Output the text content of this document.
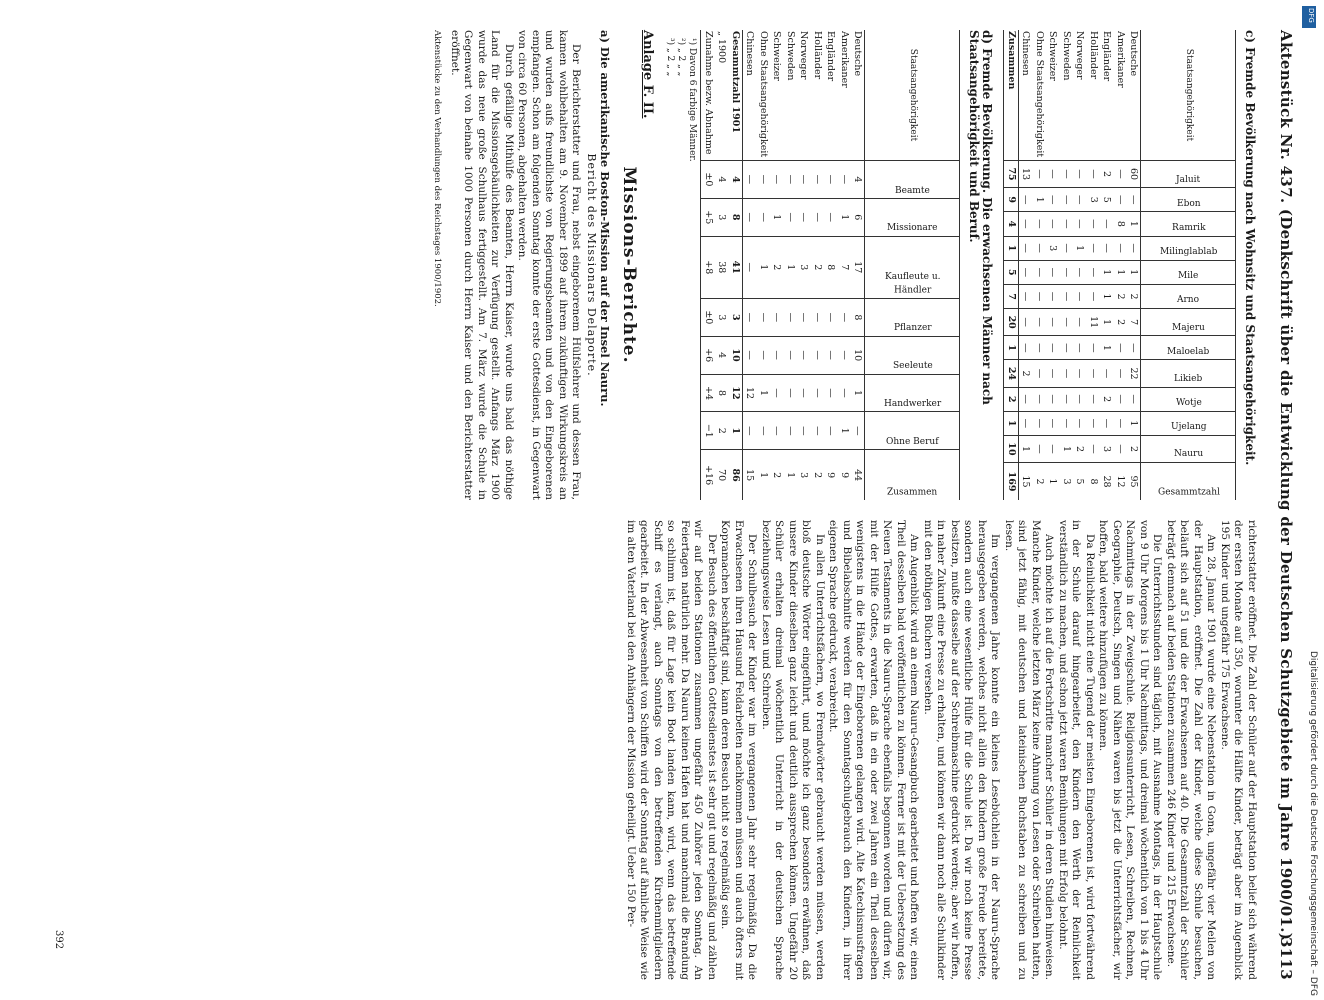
Aktenstück Nr. 437. (Denkschrift über die Entwicklung der Deutschen Schutzgebiete im Jahre 1900/01.)
3113
c) Fremde Bevölkerung nach Wohnsitz und Staatsangehörigkeit.
Staatsangehörigkeit	Jaluit	Ebon	Ramrik	Milinglablab	Mile	Arno	Majeru	Maloelab	Likieb	Wotje	Ujelang	Nauru	Gesammtzahl
Deutsche	60	—	1	—	1	2	7	—	22	—	1	2	95
Amerikaner	—	—	8	—	1	2	2	—	—	—	—	—	12
Engländer	2	5	—	—	1	1	1	1	—	2	—	3	28
Holländer	—	3	—	—	—	—	11	—	—	—	—	—	8
Norweger	—	—	—	1	—	—	—	—	—	—	—	2	5
Schweden	—	—	—	—	—	—	—	—	—	—	—	1	3
Schweizer	—	—	—	3	—	—	—	—	—	—	—	—	1
Ohne Staatsangehörigkeit	—	1	—	—	—	—	—	—	—	—	—	—	2
Chinesen	13	—	—	—	—	—	—	—	2	—	—	1	15
Zusammen	75	9	4	1	5	7	20	1	24	2	1	10	169
d) Fremde Bevölkerung. Die erwachsenen Männer nach Staatsangehörigkeit und Beruf.
Staatsangehörigkeit	Beamte	Missionare	Kaufleute u. Händler	Pflanzer	Seeleute	Handwerker	Ohne Beruf	Zusammen
Deutsche	4	6	17	8	10	1	—	44
Amerikaner	—	1	7	—	—	—	1	9
Engländer	—	—	8	—	—	—	—	9
Holländer	—	—	2	—	—	—	—	2
Norweger	—	—	3	—	—	—	—	3
Schweden	—	—	1	—	—	—	—	1
Schweizer	—	1	2	—	—	—	—	2
Ohne Staatsangehörigkeit	—	—	1	—	—	1	—	1
Chinesen	—	—	—	—	—	12	—	15
Gesammtzahl 1901	4	8	41	3	10	12	1	86
„ 1900	4	3	38	3	4	8	2	70
Zunahme bezw. Abnahme	±0	+5	+8	±0	+6	+4	−1	+16
¹) Davon 6 farbige Männer.
²) „ 2 „ „
³) „ 2 „ „
Anlage F. II.
Missions-Berichte.
a) Die amerikanische Boston-Mission auf der Insel Nauru.
Bericht des Missionars Delaporte.

Der Berichterstatter und Frau, nebst eingeborenem Hülfslehrer und dessen Frau, kamen wohlbehalten am 9. November 1899 auf ihrem zukünftigen Wirkungskreis an und wurden aufs freundlichste von Regierungsbeamten und von den Eingeborenen empfangen. Schon am folgenden Sonntag konnte der erste Gottesdienst, in Gegenwart von circa 60 Personen, abgehalten werden.

Durch gefällige Mithülfe des Beamten, Herrn Kaiser, wurde uns bald das nöthige Land für die Missionsgebäulichkeiten zur Verfügung gestellt. Anfangs März 1900 wurde das neue große Schulhaus fertiggestellt. Am 7. März wurde die Schule in Gegenwart von beinahe 1000 Personen durch Herrn Kaiser und den Berichterstatter eröffnet.

Aktenstücke zu den Verhandlungen des Reichstages 1900/1902.

richterstatter eröffnet. Die Zahl der Schüler auf der Hauptstation belief sich während der ersten Monate auf 350, worunter die Hälfte Kinder, beträgt aber im Augenblick 195 Kinder und ungefähr 175 Erwachsene.

Am 28. Januar 1901 wurde eine Nebenstation in Gona, ungefähr vier Meilen von der Hauptstation, eröffnet. Die Zahl der Kinder, welche diese Schule besuchen, beläuft sich auf 51 und die der Erwachsenen auf 40. Die Gesammtzahl der Schüler beträgt demnach auf beiden Stationen zusammen 246 Kinder und 215 Erwachsene.

Die Unterrichtsstunden sind täglich, mit Ausnahme Montags, in der Hauptschule von 9 Uhr Morgens bis 1 Uhr Nachmittags, und dreimal wöchentlich von 1 bis 4 Uhr Nachmittags in der Zweigschule. Religionsunterricht, Lesen, Schreiben, Rechnen, Geographie, Deutsch, Singen und Nähen waren bis jetzt die Unterrichtsfächer, wir hoffen, bald weitere hinzufügen zu können.

Da Reinlichkeit nicht eine Tugend der meisten Eingeborenen ist, wird fortwährend in der Schule darauf hingearbeitet, den Kindern den Werth der Reinlichkeit verständlich zu machen, und schon jetzt waren Bemühungen mit Erfolg belohnt.

Auch möchte ich auf die Fortschritte mancher Schüler in deren Studien hinweisen. Manche Kinder, welche letzten März keine Ahnung von Lesen oder Schreiben hatten, sind jetzt fähig, mit deutschen und lateinischen Buchstaben zu schreiben und zu lesen.

Im vergangenen Jahre konnte ein kleines Lesebüchlein in der Nauru-Sprache herausgegeben werden, welches nicht allein den Kindern große Freude bereitete, sondern auch eine wesentliche Hülfe für die Schule ist. Da wir noch keine Presse besitzen, mußte dasselbe auf der Schreibmaschine gedruckt werden; aber wir hoffen, in naher Zukunft eine Presse zu erhalten, und können wir dann noch alle Schulkinder mit den nöthigen Büchern versehen.

Am Augenblick wird an einem Nauru-Gesangbuch gearbeitet und hoffen wir, einen Theil desselben bald veröffentlichen zu können. Ferner ist mit der Uebersetzung des Neuen Testaments in die Nauru-Sprache ebenfalls begonnen worden und dürfen wir, mit der Hülfe Gottes, erwarten, daß in ein oder zwei Jahren ein Theil desselben wenigstens in die Hände der Eingeborenen gelangen wird. Alte Katechismusfragen und Bibelabschnitte werden für den Sonntagschulgebrauch den Kindern, in ihrer eigenen Sprache gedruckt, verabreicht.

In allen Unterrichtsfächern, wo Fremdwörter gebraucht werden müssen, werden bloß deutsche Wörter eingeführt, und möchte ich ganz besonders erwähnen, daß unsere Kinder dieselben ganz leicht und deutlich aussprechen können. Ungefähr 20 Schüler erhalten dreimal wöchentlich Unterricht in der deutschen Sprache beziehungsweise Lesen und Schreiben.

Der Schulbesuch der Kinder war im vergangenen Jahr sehr regelmäßig. Da die Erwachsenen ihren Hausund Feldarbeiten nachkommen müssen und auch öfters mit Kopramachen beschäftigt sind, kann deren Besuch nicht so regelmäßig sein.

Der Besuch des öffentlichen Gottesdienstes ist sehr gut und regelmäßig und zählen wir auf beiden Stationen zusammen ungefähr 450 Zuhörer jeden Sonntag. An Feiertagen natürlich mehr. Da Nauru keinen Hafen hat und manchmal die Brandung so schlimm ist, daß für Lage kein Boot landen kann, wird, wenn das betreffende Schiff es verlangt, auch Sonntags von den betreffenden Kirchenmitgliedern gearbeitet. In der Abwesenheit von Schiffen wird der Sonntag auf ähnliche Weise wie im alten Vaterland bei den Anhängern der Mission geheiligt. Ueber 150 Per-

392	Digitalisierung gefördert durch die Deutsche Forschungsgemeinschaft – DFG
DFG
